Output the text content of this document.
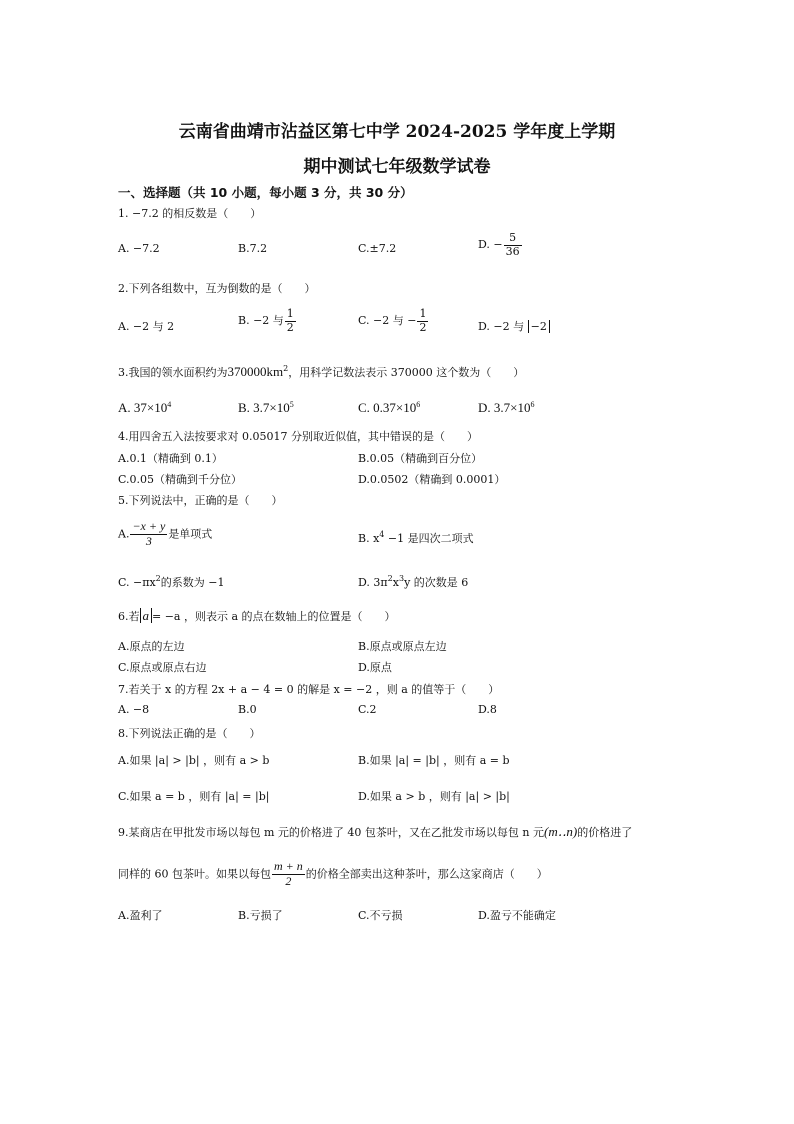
云南省曲靖市沾益区第七中学 2024-2025 学年度上学期
期中测试七年级数学试卷
一、选择题（共 10 小题，每小题 3 分，共 30 分）
1. −7.2 的相反数是（　　）
A. −7.2	B.7.2	C.±7.2	D. − $\frac{5}{36}$
2.下列各组数中，互为倒数的是（　　）
A. −2 与 2	B. −2 与 $\frac{1}{2}$	C. −2 与 − $\frac{1}{2}$	D. −2 与 −2
3.我国的领水面积约为$370000km^2$，用科学记数法表示 370000 这个数为（　　）
A. $37\times 10^4$	B. $3.7\times 10^5$	C. $0.37\times 10^6$	D. $3.7\times 10^6$
4.用四舍五入法按要求对 0.05017 分别取近似值，其中错误的是（　　）
A.0.1（精确到 0.1）	B.0.05（精确到百分位）
C.0.05（精确到千分位）	D.0.0502（精确到 0.0001）
5.下列说法中，正确的是（　　）
A. $\frac{-x + y}{3}$ 是单项式	B. $x^4 -1$ 是四次二项式
C. $-\pi x^2$的系数为 −1	D. $3\pi^2x^3y$ 的次数是 6
6.若 a = −a ，则表示 a 的点在数轴上的位置是（　　）
A.原点的左边	B.原点或原点左边
C.原点或原点右边	D.原点
7.若关于 x 的方程 2x + a − 4 = 0 的解是 x = −2 ，则 a 的值等于（　　）
A. −8	B.0	C.2	D.8
8.下列说法正确的是（　　）
A.如果 |a| > |b| ，则有 a > b	B.如果 |a| = |b| ，则有 a = b
C.如果 a = b ，则有 |a| = |b|	D.如果 a > b ，则有 |a| > |b|
9.某商店在甲批发市场以每包 m 元的价格进了 40 包茶叶，又在乙批发市场以每包 n 元(m‥n)的价格进了
同样的 60 包茶叶。如果以每包 $\frac{m + n}{2}$ 的价格全部卖出这种茶叶，那么这家商店（　　）
A.盈利了	B.亏损了	C.不亏损	D.盈亏不能确定
